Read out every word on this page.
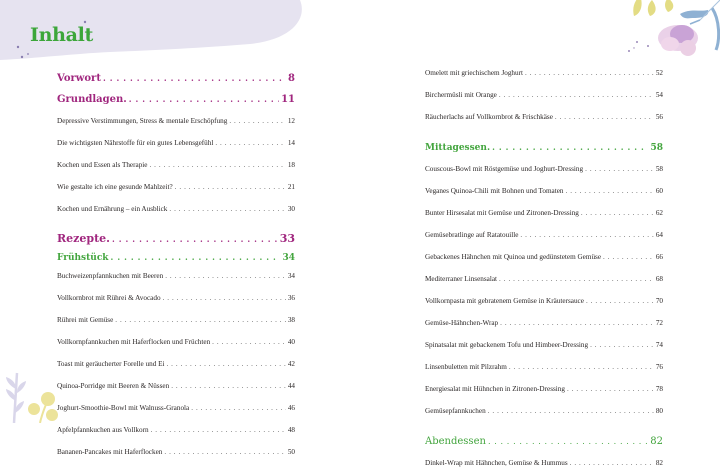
Inhalt
Vorwort . . .	8
Grundlagen. . . .	11
Depressive Verstimmungen, Stress & mentale Erschöpfung . . .	12
Die wichtigsten Nährstoffe für ein gutes Lebensgefühl . . .	14
Kochen und Essen als Therapie . . .	18
Wie gestalte ich eine gesunde Mahlzeit? . . .	21
Kochen und Ernährung – ein Ausblick . . .	30
Rezepte. . . .	33
Frühstück . . .	34
Buchweizenpfannkuchen mit Beeren . . .	34
Vollkornbrot mit Rührei & Avocado . . .	36
Rührei mit Gemüse . . .	38
Vollkornpfannkuchen mit Haferflocken und Früchten . . .	40
Toast mit geräucherter Forelle und Ei . . .	42
Quinoa-Porridge mit Beeren & Nüssen . . .	44
Joghurt-Smoothie-Bowl mit Walnuss-Granola . . .	46
Apfelpfannkuchen aus Vollkorn . . .	48
Bananen-Pancakes mit Haferflocken . . .	50
Omelett mit griechischem Joghurt . . .	52
Birchermüsli mit Orange . . .	54
Räucherlachs auf Vollkornbrot & Frischkäse . . .	56
Mittagessen. . . .	58
Couscous-Bowl mit Röstgemüse und Joghurt-Dressing . . .	58
Veganes Quinoa-Chili mit Bohnen und Tomaten . . .	60
Bunter Hirsesalat mit Gemüse und Zitronen-Dressing . . .	62
Gemüsebratlinge auf Ratatouille . . .	64
Gebackenes Hähnchen mit Quinoa und gedünstetem Gemüse . . .	66
Mediterraner Linsensalat . . .	68
Vollkornpasta mit gebratenem Gemüse in Kräutersauce . . .	70
Gemüse-Hähnchen-Wrap . . .	72
Spinatsalat mit gebackenem Tofu und Himbeer-Dressing . . .	74
Linsenbuletten mit Pilzrahm . . .	76
Energiesalat mit Hühnchen in Zitronen-Dressing . . .	78
Gemüsepfannkuchen . . .	80
Abendessen . . .	82
Dinkel-Wrap mit Hähnchen, Gemüse & Hummus . . .	82
